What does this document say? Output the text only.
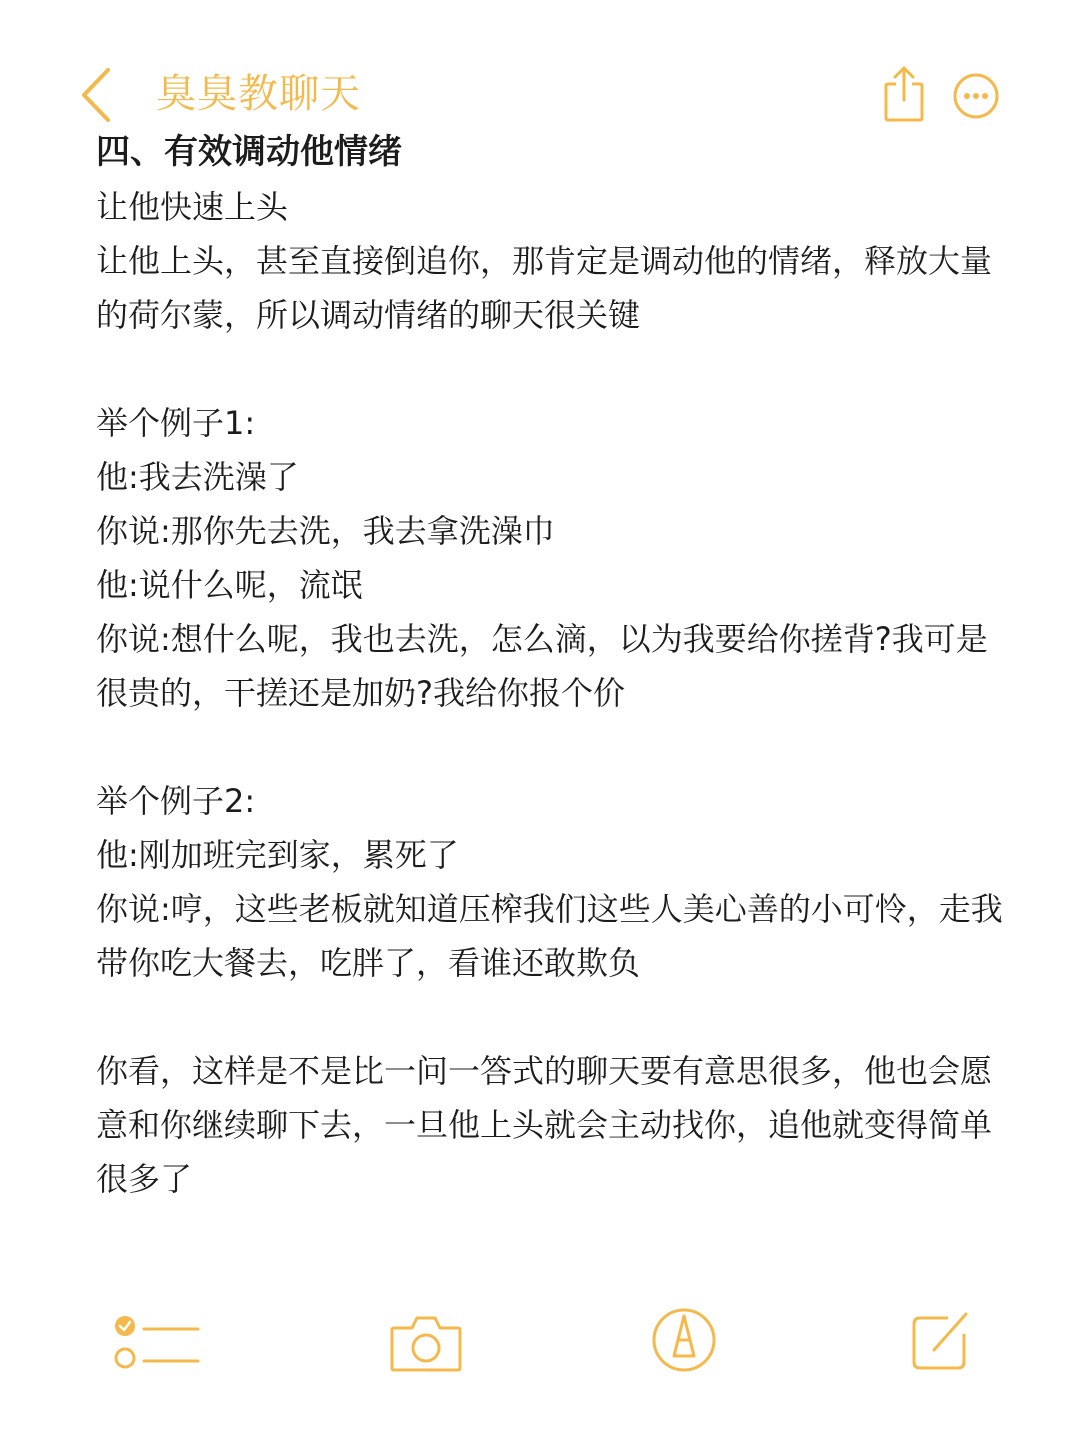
臭臭教聊天

四、有效调动他情绪

让他快速上头

让他上头，甚至直接倒追你，那肯定是调动他的情绪，释放大量的荷尔蒙，所以调动情绪的聊天很关键

举个例子1:

他:我去洗澡了

你说:那你先去洗，我去拿洗澡巾

他:说什么呢，流氓

你说:想什么呢，我也去洗，怎么滴，以为我要给你搓背?我可是很贵的，干搓还是加奶?我给你报个价

举个例子2:

他:刚加班完到家，累死了

你说:哼，这些老板就知道压榨我们这些人美心善的小可怜，走我带你吃大餐去，吃胖了，看谁还敢欺负

你看，这样是不是比一问一答式的聊天要有意思很多，他也会愿意和你继续聊下去，一旦他上头就会主动找你，追他就变得简单很多了
